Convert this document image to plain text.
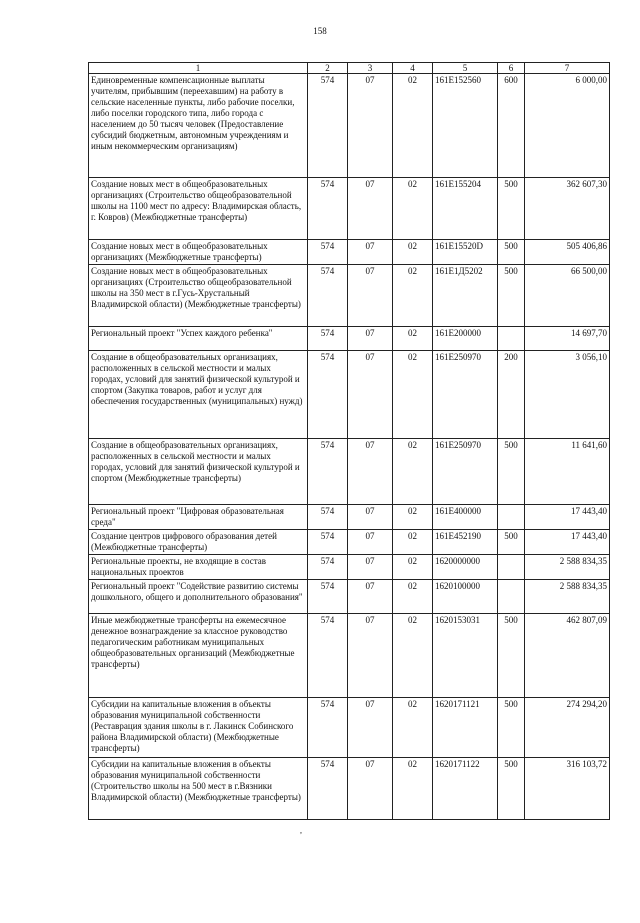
158
1	2	3	4	5	6	7
Единовременные компенсационные выплаты учителям, прибывшим (переехавшим) на работу в сельские населенные пункты, либо рабочие поселки, либо поселки городского типа, либо города с населением до 50 тысяч человек (Предоставление субсидий бюджетным, автономным учреждениям и иным некоммерческим организациям)	574	07	02	161E152560	600	6 000,00
Создание новых мест в общеобразовательных организациях (Строительство общеобразовательной школы на 1100 мест по адресу: Владимирская область, г. Ковров) (Межбюджетные трансферты)	574	07	02	161E155204	500	362 607,30
Создание новых мест в общеобразовательных организациях (Межбюджетные трансферты)	574	07	02	161E15520D	500	505 406,86
Создание новых мест в общеобразовательных организациях (Строительство общеобразовательной школы на 350 мест в г.Гусь-Хрустальный Владимирской области) (Межбюджетные трансферты)	574	07	02	161E1Д5202	500	66 500,00
Региональный проект "Успех каждого ребенка"	574	07	02	161E200000		14 697,70
Создание в общеобразовательных организациях, расположенных в сельской местности и малых городах, условий для занятий физической культурой и спортом (Закупка товаров, работ и услуг для обеспечения государственных (муниципальных) нужд)	574	07	02	161E250970	200	3 056,10
Создание в общеобразовательных организациях, расположенных в сельской местности и малых городах, условий для занятий физической культурой и спортом (Межбюджетные трансферты)	574	07	02	161E250970	500	11 641,60
Региональный проект "Цифровая образовательная среда"	574	07	02	161E400000		17 443,40
Создание центров цифрового образования детей (Межбюджетные трансферты)	574	07	02	161E452190	500	17 443,40
Региональные проекты, не входящие в состав национальных проектов	574	07	02	1620000000		2 588 834,35
Региональный проект "Содействие развитию системы дошкольного, общего и дополнительного образования"	574	07	02	1620100000		2 588 834,35
Иные межбюджетные трансферты на ежемесячное денежное вознаграждение за классное руководство педагогическим работникам муниципальных общеобразовательных организаций (Межбюджетные трансферты)	574	07	02	1620153031	500	462 807,09
Субсидии на капитальные вложения в объекты образования муниципальной собственности (Реставрация здания школы в г. Лакинск Собинского района Владимирской области) (Межбюджетные трансферты)	574	07	02	1620171121	500	274 294,20
Субсидии на капитальные вложения в объекты образования муниципальной собственности (Строительство школы на 500 мест в г.Вязники Владимирской области) (Межбюджетные трансферты)	574	07	02	1620171122	500	316 103,72
,
